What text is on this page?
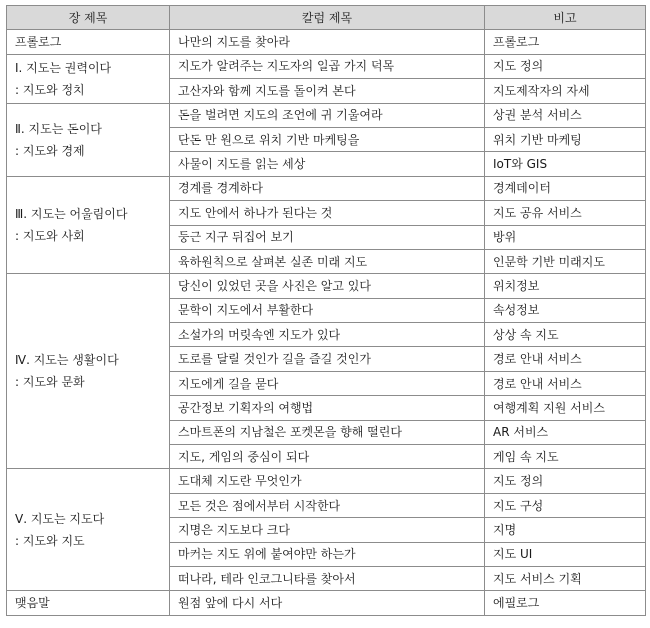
장 제목	칼럼 제목	비고

프롤로그	나만의 지도를 찾아라	프롤로그

Ⅰ. 지도는 권력이다
: 지도와 정치	지도가 알려주는 지도자의 일곱 가지 덕목	지도 정의
	고산자와 함께 지도를 돌이켜 본다	지도제작자의 자세

Ⅱ. 지도는 돈이다
: 지도와 경제	돈을 벌려면 지도의 조언에 귀 기울여라	상권 분석 서비스
	단돈 만 원으로 위치 기반 마케팅을	위치 기반 마케팅
	사물이 지도를 읽는 세상	IoT와 GIS

Ⅲ. 지도는 어울림이다
: 지도와 사회	경계를 경계하다	경계데이터
	지도 안에서 하나가 된다는 것	지도 공유 서비스
	둥근 지구 뒤집어 보기	방위
	육하원칙으로 살펴본 실존 미래 지도	인문학 기반 미래지도

Ⅳ. 지도는 생활이다
: 지도와 문화	당신이 있었던 곳을 사진은 알고 있다	위치정보
	문학이 지도에서 부활한다	속성정보
	소설가의 머릿속엔 지도가 있다	상상 속 지도
	도로를 달릴 것인가 길을 즐길 것인가	경로 안내 서비스
	지도에게 길을 묻다	경로 안내 서비스
	공간정보 기획자의 여행법	여행계획 지원 서비스
	스마트폰의 지남철은 포켓몬을 향해 떨린다	AR 서비스
	지도, 게임의 중심이 되다	게임 속 지도

Ⅴ. 지도는 지도다
: 지도와 지도	도대체 지도란 무엇인가	지도 정의
	모든 것은 점에서부터 시작한다	지도 구성
	지명은 지도보다 크다	지명
	마커는 지도 위에 붙여야만 하는가	지도 UI
	떠나라, 테라 인코그니타를 찾아서	지도 서비스 기획

맺음말	원점 앞에 다시 서다	에필로그
